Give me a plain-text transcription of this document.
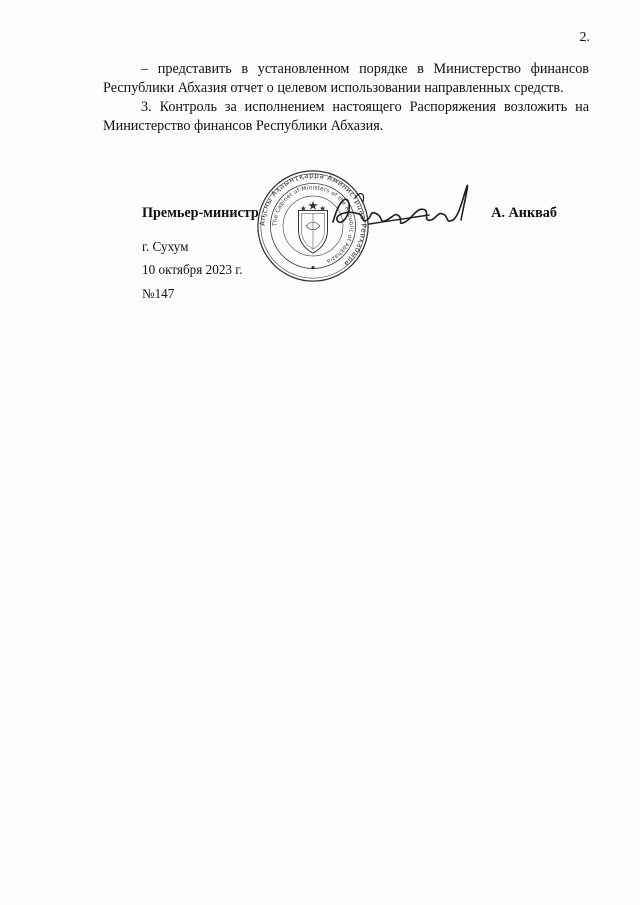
2.

– представить в установленном порядке в Министерство финансов Республики Абхазия отчет о целевом использовании направленных средств.

3. Контроль за исполнением настоящего Распоряжения возложить на Министерство финансов Республики Абхазия.

Аҧсны Аҳәынҭқарра Аминистрцәа Реиҳабыра
The Cabinet of Ministers of the Republic of Abkhazia
Премьер-министр	А. Анкваб
г. Сухум
10 октября 2023 г.
№147
